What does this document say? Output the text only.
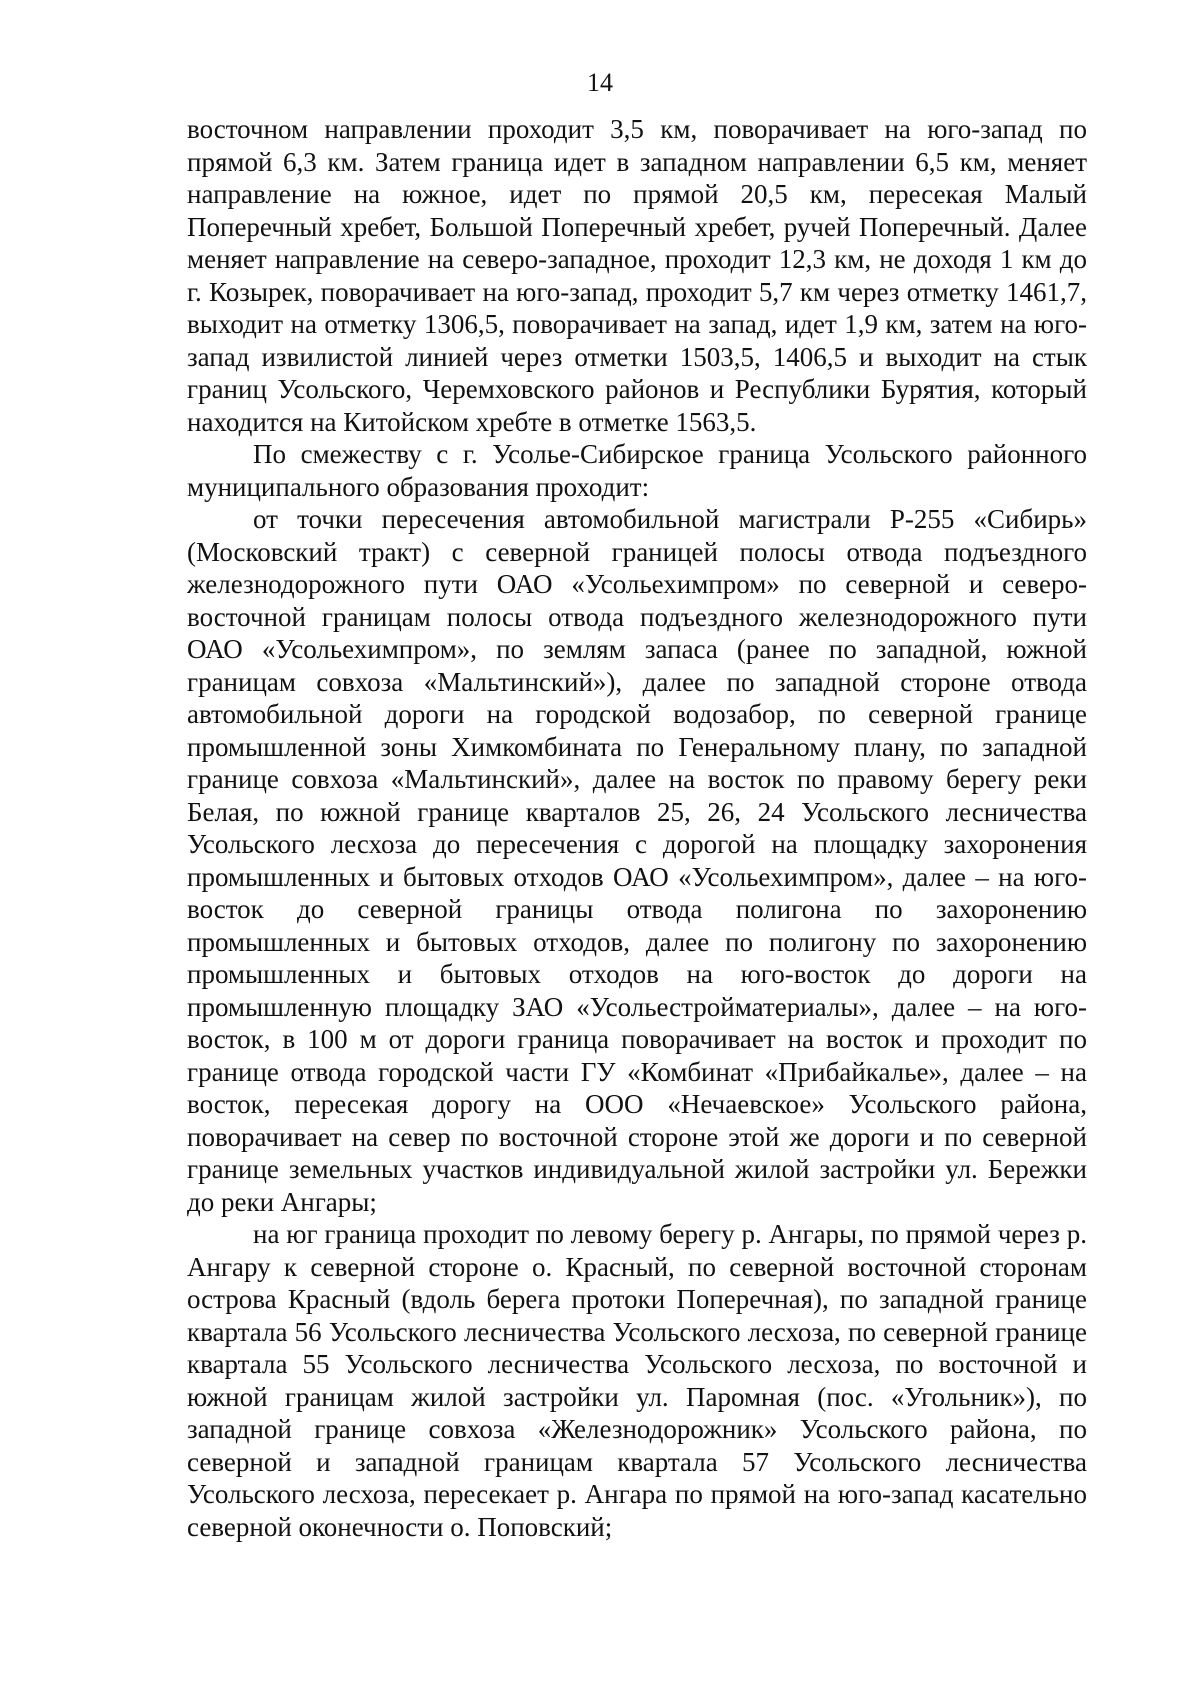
14

восточном направлении проходит 3,5 км, поворачивает на юго-запад по прямой 6,3 км. Затем граница идет в западном направлении 6,5 км, меняет направление на южное, идет по прямой 20,5 км, пересекая Малый Поперечный хребет, Большой Поперечный хребет, ручей Поперечный. Далее меняет направление на северо-западное, проходит 12,3 км, не доходя 1 км до г. Козырек, поворачивает на юго-запад, проходит 5,7 км через отметку 1461,7, выходит на отметку 1306,5, поворачивает на запад, идет 1,9 км, затем на юго-запад извилистой линией через отметки 1503,5, 1406,5 и выходит на стык границ Усольского, Черемховского районов и Республики Бурятия, который находится на Китойском хребте в отметке 1563,5.

По смежеству с г. Усолье-Сибирское граница Усольского районного муниципального образования проходит:

от точки пересечения автомобильной магистрали Р-255 «Сибирь» (Московский тракт) с северной границей полосы отвода подъездного железнодорожного пути ОАО «Усольехимпром» по северной и северо-восточной границам полосы отвода подъездного железнодорожного пути ОАО «Усольехимпром», по землям запаса (ранее по западной, южной границам совхоза «Мальтинский»), далее по западной стороне отвода автомобильной дороги на городской водозабор, по северной границе промышленной зоны Химкомбината по Генеральному плану, по западной границе совхоза «Мальтинский», далее на восток по правому берегу реки Белая, по южной границе кварталов 25, 26, 24 Усольского лесничества Усольского лесхоза до пересечения с дорогой на площадку захоронения промышленных и бытовых отходов ОАО «Усольехимпром», далее – на юго-восток до северной границы отвода полигона по захоронению промышленных и бытовых отходов, далее по полигону по захоронению промышленных и бытовых отходов на юго-восток до дороги на промышленную площадку ЗАО «Усольестройматериалы», далее – на юго-восток, в 100 м от дороги граница поворачивает на восток и проходит по границе отвода городской части ГУ «Комбинат «Прибайкалье», далее – на восток, пересекая дорогу на ООО «Нечаевское» Усольского района, поворачивает на север по восточной стороне этой же дороги и по северной границе земельных участков индивидуальной жилой застройки ул. Бережки до реки Ангары;

на юг граница проходит по левому берегу р. Ангары, по прямой через р. Ангару к северной стороне о. Красный, по северной восточной сторонам острова Красный (вдоль берега протоки Поперечная), по западной границе квартала 56 Усольского лесничества Усольского лесхоза, по северной границе квартала 55 Усольского лесничества Усольского лесхоза, по восточной и южной границам жилой застройки ул. Паромная (пос. «Угольник»), по западной границе совхоза «Железнодорожник» Усольского района, по северной и западной границам квартала 57 Усольского лесничества Усольского лесхоза, пересекает р. Ангара по прямой на юго-запад касательно северной оконечности о. Поповский;
